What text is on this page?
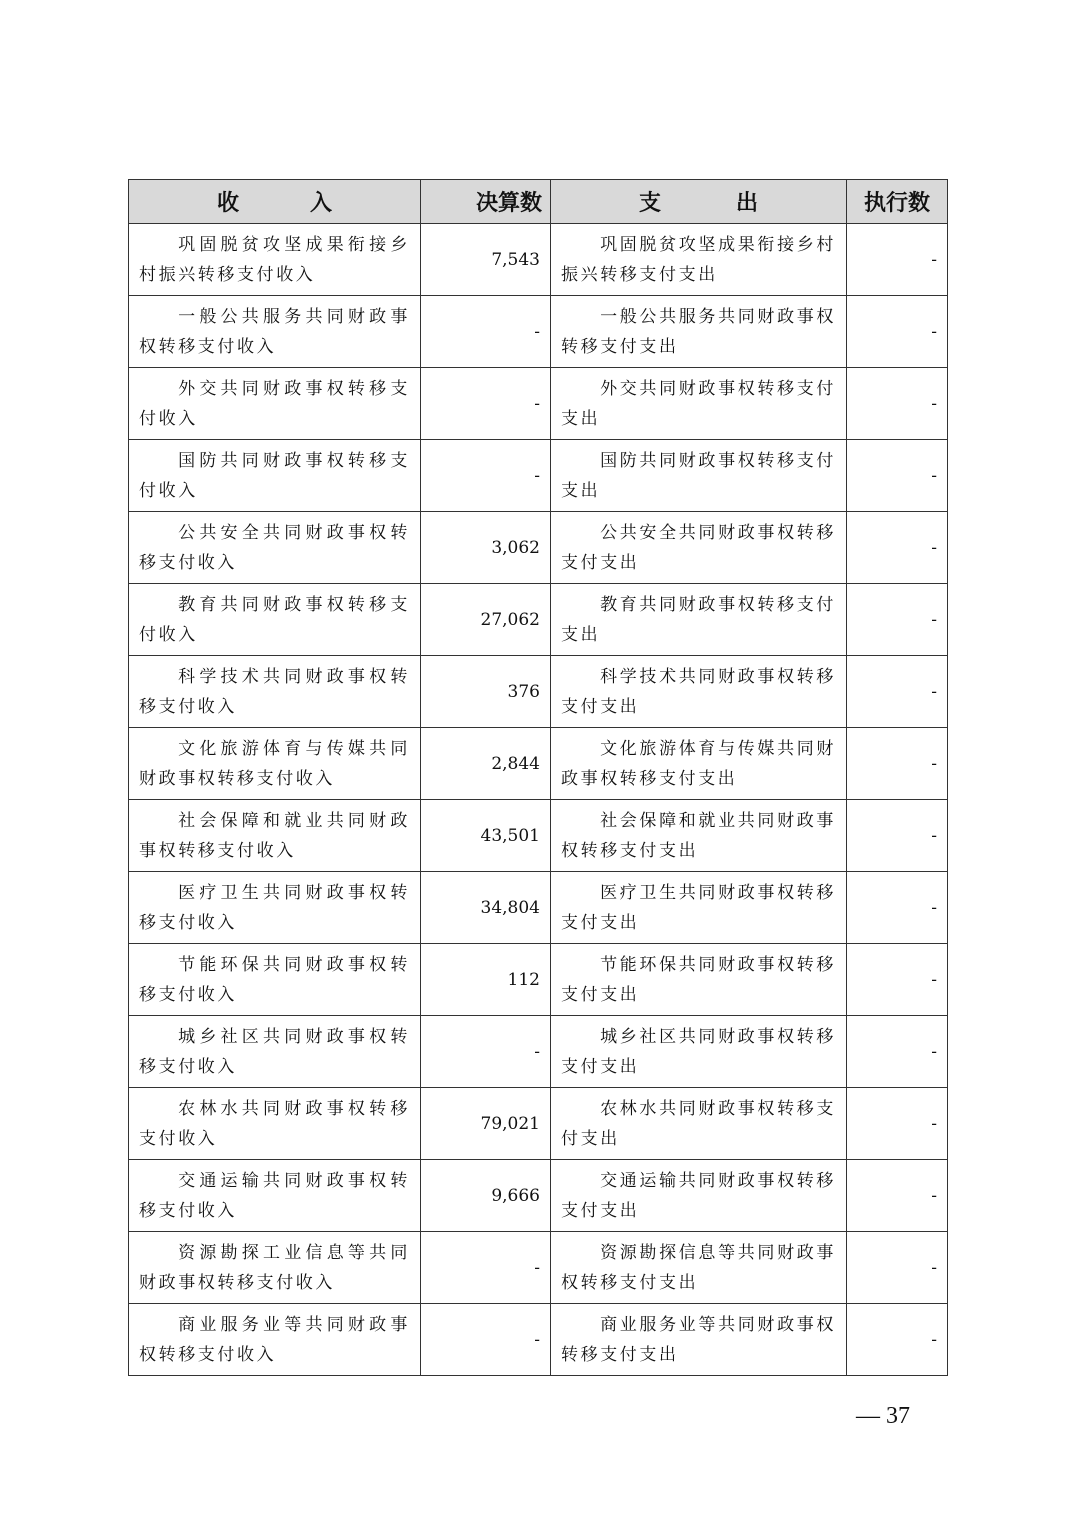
收 入	决算数	支 出	执行数
巩固脱贫攻坚成果衔接乡村振兴转移支付收入	7,543	巩固脱贫攻坚成果衔接乡村振兴转移支付支出	-
一般公共服务共同财政事权转移支付收入	-	一般公共服务共同财政事权转移支付支出	-
外交共同财政事权转移支付收入	-	外交共同财政事权转移支付支出	-
国防共同财政事权转移支付收入	-	国防共同财政事权转移支付支出	-
公共安全共同财政事权转移支付收入	3,062	公共安全共同财政事权转移支付支出	-
教育共同财政事权转移支付收入	27,062	教育共同财政事权转移支付支出	-
科学技术共同财政事权转移支付收入	376	科学技术共同财政事权转移支付支出	-
文化旅游体育与传媒共同财政事权转移支付收入	2,844	文化旅游体育与传媒共同财政事权转移支付支出	-
社会保障和就业共同财政事权转移支付收入	43,501	社会保障和就业共同财政事权转移支付支出	-
医疗卫生共同财政事权转移支付收入	34,804	医疗卫生共同财政事权转移支付支出	-
节能环保共同财政事权转移支付收入	112	节能环保共同财政事权转移支付支出	-
城乡社区共同财政事权转移支付收入	-	城乡社区共同财政事权转移支付支出	-
农林水共同财政事权转移支付收入	79,021	农林水共同财政事权转移支付支出	-
交通运输共同财政事权转移支付收入	9,666	交通运输共同财政事权转移支付支出	-
资源勘探工业信息等共同财政事权转移支付收入	-	资源勘探信息等共同财政事权转移支付支出	-
商业服务业等共同财政事权转移支付收入	-	商业服务业等共同财政事权转移支付支出	-
— 37
